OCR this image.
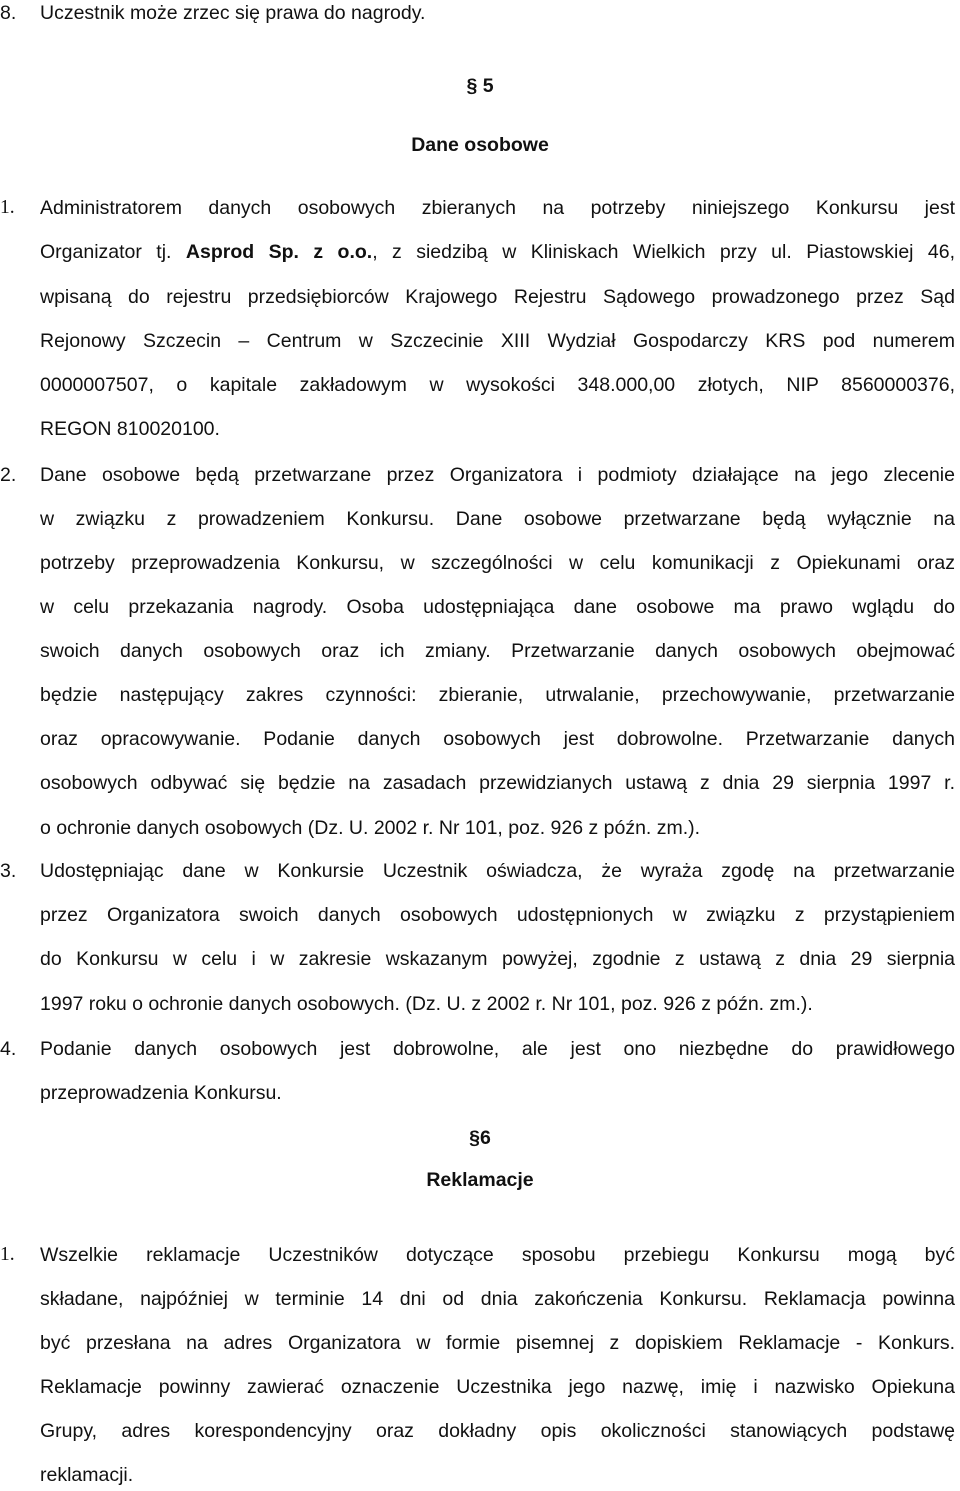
8. Uczestnik może zrzec się prawa do nagrody.
§ 5
Dane osobowe
1. Administratorem danych osobowych zbieranych na potrzeby niniejszego Konkursu jest
Organizator tj. Asprod Sp. z o.o., z siedzibą w Kliniskach Wielkich przy ul. Piastowskiej 46,
wpisaną do rejestru przedsiębiorców Krajowego Rejestru Sądowego prowadzonego przez Sąd
Rejonowy Szczecin – Centrum w Szczecinie XIII Wydział Gospodarczy KRS pod numerem
0000007507, o kapitale zakładowym w wysokości 348.000,00 złotych, NIP 8560000376,
REGON 810020100.
2. Dane osobowe będą przetwarzane przez Organizatora i podmioty działające na jego zlecenie
w związku z prowadzeniem Konkursu. Dane osobowe przetwarzane będą wyłącznie na
potrzeby przeprowadzenia Konkursu, w szczególności w celu komunikacji z Opiekunami oraz
w celu przekazania nagrody. Osoba udostępniająca dane osobowe ma prawo wglądu do
swoich danych osobowych oraz ich zmiany. Przetwarzanie danych osobowych obejmować
będzie następujący zakres czynności: zbieranie, utrwalanie, przechowywanie, przetwarzanie
oraz opracowywanie. Podanie danych osobowych jest dobrowolne. Przetwarzanie danych
osobowych odbywać się będzie na zasadach przewidzianych ustawą z dnia 29 sierpnia 1997 r.
o ochronie danych osobowych (Dz. U. 2002 r. Nr 101, poz. 926 z późn. zm.).
3. Udostępniając dane w Konkursie Uczestnik oświadcza, że wyraża zgodę na przetwarzanie
przez Organizatora swoich danych osobowych udostępnionych w związku z przystąpieniem
do Konkursu w celu i w zakresie wskazanym powyżej, zgodnie z ustawą z dnia 29 sierpnia
1997 roku o ochronie danych osobowych. (Dz. U. z 2002 r. Nr 101, poz. 926 z późn. zm.).
4. Podanie danych osobowych jest dobrowolne, ale jest ono niezbędne do prawidłowego
przeprowadzenia Konkursu.
§6
Reklamacje
1. Wszelkie reklamacje Uczestników dotyczące sposobu przebiegu Konkursu mogą być
składane, najpóźniej w terminie 14 dni od dnia zakończenia Konkursu. Reklamacja powinna
być przesłana na adres Organizatora w formie pisemnej z dopiskiem Reklamacje - Konkurs.
Reklamacje powinny zawierać oznaczenie Uczestnika jego nazwę, imię i nazwisko Opiekuna
Grupy, adres korespondencyjny oraz dokładny opis okoliczności stanowiących podstawę
reklamacji.
